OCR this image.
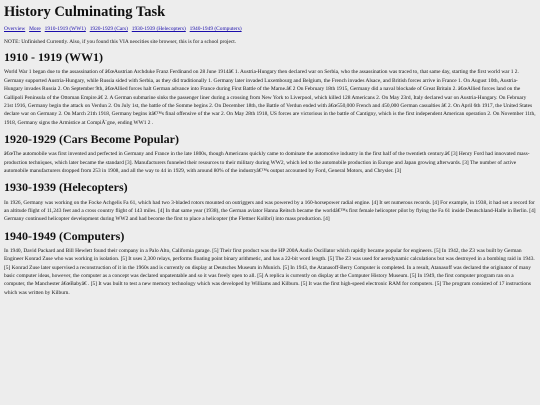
History Culminating Task
Overview More 1910-1919 (WW1) 1920-1929 (Cars) 1930-1939 (Helecopters) 1940-1949 (Computers)
NOTE: Unfinished Currently. Also, if you found this VIA neocities site browser, this is for a school project.
1910 - 1919 (WW1)

World War 1 began due to the assassination of â€œAustrian Archduke Franz Ferdinand on 28 June 1914â€ 1. Austria-Hungary then declared war on Serbia, who the assassination was traced to, that same day, starting the first world war 1 2. Germany supported Austria-Hungary, while Russia sided with Serbia, as they did traditionally 1. Germany later invaded Luxembourg and Belgium, the French invades Alsace, and British forces arrive in France 1. On August 10th, Austria-Hungary invades Russia 2. On September 9th, â€œAllied forces halt German advance into France during First Battle of the Marne.â€ 2 On February 18th 1915, Germany did a naval blockade of Great Britain 2. â€œAllied forces land on the Gallipoli Peninsula of the Ottoman Empire.â€ 2. A German submarine sinks the passenger liner during a crossing from New York to Liverpool, which killed 128 Americans 2. On May 23rd, Italy declared war on Austria-Hungary. On February 21st 1916, Germany begin the attack on Verdun 2. On July 1st, the battle of the Somme begins 2. On December 18th, the Battle of Verdun ended with â€œ550,000 French and 450,000 German casualties â€ 2. On April 6th 1917, the United States declare war on Germany 2. On March 21th 1918, Germany begins itâ€™s final offensive of the war 2. On May 28th 1918, US forces are victorious in the battle of Cantigny, which is the first independent American operation 2. On November 11th, 1918, Germany signs the Armistice at CompiÃ¨gne, ending WW1 2 .

1920-1929 (Cars Become Popular)

â€œThe automobile was first invented and perfected in Germany and France in the late 1800s, though Americans quickly came to dominate the automotive industry in the first half of the twentieth century.â€ [3] Henry Ford had innovated mass-production techniques, which later became the standard [3]. Manufacturers funneled their resources to their military during WW2, which led to the automobile production in Europe and Japan growing afterwards. [3] The number of active automobile manufacturers dropped from 253 in 1908, and all the way to 44 in 1929, with around 80% of the industryâ€™s output accounted by Ford, General Motors, and Chrysler. [3]

1930-1939 (Helecopters)

In 1926, Germany was working on the Focke Achgelis Fa 61, which had two 3-bladed rotors mounted on outriggers and was powered by a 160-horsepower radial engine. [4] It set numerous records. [4] For example, in 1938, it had set a record for an altitude flight of 11,243 feet and a cross country flight of 143 miles. [4] In that same year (1938), the German aviator Hanna Reitsch became the worldâ€™s first female helicopter pilot by flying the Fa 61 inside Deutschland-Halle in Berlin. [4] Germany continued helicopter development during WW2 and had become the first to place a helicopter (the Flettner Kolibri) into mass production. [4]

1940-1949 (Computers)

In 1940, David Packard and Bill Hewlett found their company in a Palo Alto, California garage. [5] Their first product was the HP 200A Audio Oscillator which rapidly became popular for engineers. [5] In 1942, the Z3 was built by German Engineer Konrad Zuse who was working in isolation. [5] It uses 2,300 relays, performs floating point binary arithmetic, and has a 22-bit word length. [5] The Z3 was used for aerodynamic calculations but was destroyed in a bombing raid in 1943. [5] Konrad Zuse later supervised a reconstruction of it in the 1960s and is currently on display at Deutsches Museum in Munich. [5] In 1943, the Atanasoff-Berry Computer is completed. In a result, Atanasoff was declared the originator of many basic computer ideas, however, the computer as a concept was declared unpatentable and so it was freely open to all. [5] A replica is currently on display at the Computer History Museum. [5] In 1949, the first computer program ran on a computer, the Manchester â€œBabyâ€ . [5] It was built to test a new memory technology which was developed by Williams and Kilburn. [5] It was the first high-speed electronic RAM for computers. [5] The program consisted of 17 instructions which was written by Kilburn.
